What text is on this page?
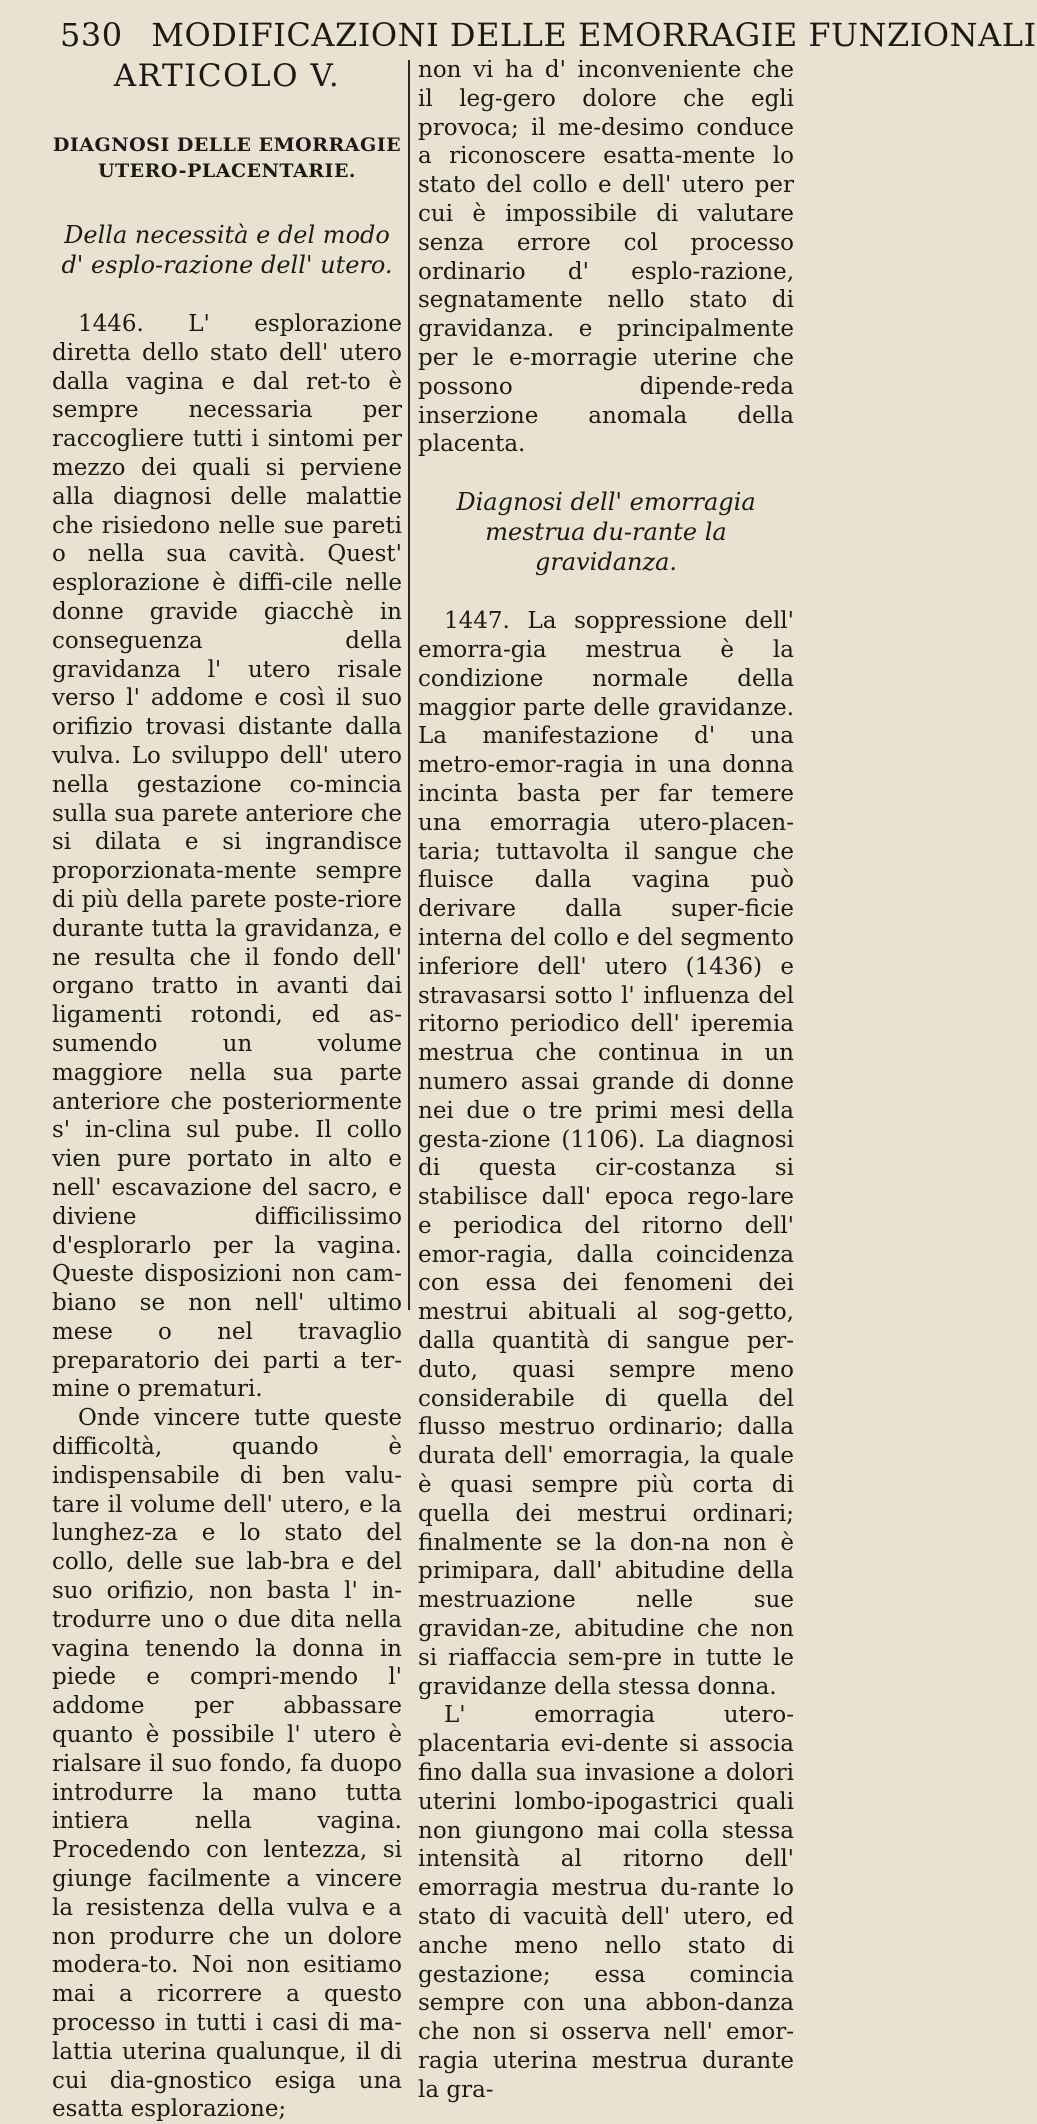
530 MODIFICAZIONI DELLE EMORRAGIE FUNZIONALI
ARTICOLO V.
DIAGNOSI DELLE EMORRAGIE UTERO-PLACENTARIE.
Della necessità e del modo d' esplo-razione dell' utero.

1446. L' esplorazione diretta dello stato dell' utero dalla vagina e dal ret-to è sempre necessaria per raccogliere tutti i sintomi per mezzo dei quali si perviene alla diagnosi delle malattie che risiedono nelle sue pareti o nella sua cavità. Quest' esplorazione è diffi-cile nelle donne gravide giacchè in conseguenza della gravidanza l' utero risale verso l' addome e così il suo orifizio trovasi distante dalla vulva. Lo sviluppo dell' utero nella gestazione co-mincia sulla sua parete anteriore che si dilata e si ingrandisce proporzionata-mente sempre di più della parete poste-riore durante tutta la gravidanza, e ne resulta che il fondo dell' organo tratto in avanti dai ligamenti rotondi, ed as-sumendo un volume maggiore nella sua parte anteriore che posteriormente s' in-clina sul pube. Il collo vien pure portato in alto e nell' escavazione del sacro, e diviene difficilissimo d'esplorarlo per la vagina. Queste disposizioni non cam-biano se non nell' ultimo mese o nel travaglio preparatorio dei parti a ter-mine o prematuri.

Onde vincere tutte queste difficoltà, quando è indispensabile di ben valu-tare il volume dell' utero, e la lunghez-za e lo stato del collo, delle sue lab-bra e del suo orifizio, non basta l' in-trodurre uno o due dita nella vagina tenendo la donna in piede e compri-mendo l' addome per abbassare quanto è possibile l' utero è rialsare il suo fondo, fa duopo introdurre la mano tutta intiera nella vagina. Procedendo con lentezza, si giunge facilmente a vincere la resistenza della vulva e a non produrre che un dolore modera-to. Noi non esitiamo mai a ricorrere a questo processo in tutti i casi di ma-lattia uterina qualunque, il di cui dia-gnostico esiga una esatta esplorazione;

non vi ha d' inconveniente che il leg-gero dolore che egli provoca; il me-desimo conduce a riconoscere esatta-mente lo stato del collo e dell' utero per cui è impossibile di valutare senza errore col processo ordinario d' esplo-razione, segnatamente nello stato di gravidanza. e principalmente per le e-morragie uterine che possono dipende-reda inserzione anomala della placenta.

Diagnosi dell' emorragia mestrua du-rante la gravidanza.

1447. La soppressione dell' emorra-gia mestrua è la condizione normale della maggior parte delle gravidanze. La manifestazione d' una metro-emor-ragia in una donna incinta basta per far temere una emorragia utero-placen-taria; tuttavolta il sangue che fluisce dalla vagina può derivare dalla super-ficie interna del collo e del segmento inferiore dell' utero (1436) e stravasarsi sotto l' influenza del ritorno periodico dell' iperemia mestrua che continua in un numero assai grande di donne nei due o tre primi mesi della gesta-zione (1106). La diagnosi di questa cir-costanza si stabilisce dall' epoca rego-lare e periodica del ritorno dell' emor-ragia, dalla coincidenza con essa dei fenomeni dei mestrui abituali al sog-getto, dalla quantità di sangue per-duto, quasi sempre meno considerabile di quella del flusso mestruo ordinario; dalla durata dell' emorragia, la quale è quasi sempre più corta di quella dei mestrui ordinari; finalmente se la don-na non è primipara, dall' abitudine della mestruazione nelle sue gravidan-ze, abitudine che non si riaffaccia sem-pre in tutte le gravidanze della stessa donna.

L' emorragia utero-placentaria evi-dente si associa fino dalla sua invasione a dolori uterini lombo-ipogastrici quali non giungono mai colla stessa intensità al ritorno dell' emorragia mestrua du-rante lo stato di vacuità dell' utero, ed anche meno nello stato di gestazione; essa comincia sempre con una abbon-danza che non si osserva nell' emor-ragia uterina mestrua durante la gra-
